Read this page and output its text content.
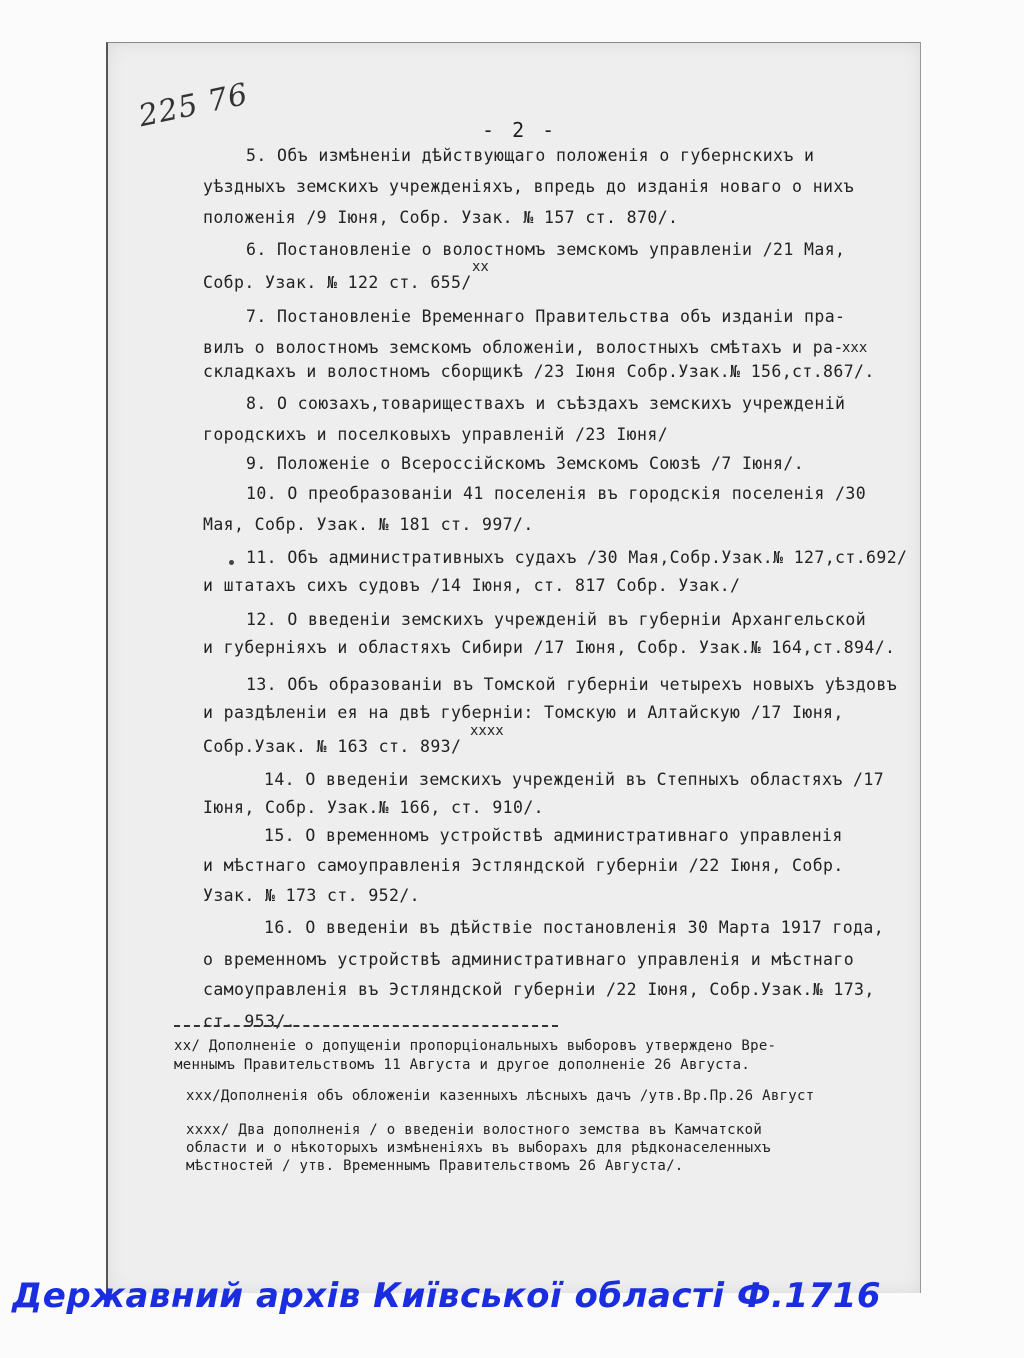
225 76	- 2 -
5. Объ измѣненіи дѣйствующаго положенія о губернскихъ и
уѣздныхъ земскихъ учрежденіяхъ, впредь до изданія новаго о нихъ
положенія /9 Іюня, Собр. Узак. № 157 ст. 870/.
6. Постановленіе о волостномъ земскомъ управленіи /21 Мая,
xx
Собр. Узак. № 122 ст. 655/
7. Постановленіе Временнаго Правительства объ изданіи пра-
вилъ о волостномъ земскомъ обложеніи, волостныхъ смѣтахъ и ра-
xxx
складкахъ и волостномъ сборщикѣ /23 Іюня Собр.Узак.№ 156,ст.867/.
8. О союзахъ,товариществахъ и съѣздахъ земскихъ учрежденій
городскихъ и поселковыхъ управленій /23 Іюня/
9. Положеніе о Всероссійскомъ Земскомъ Союзѣ /7 Іюня/.
10. О преобразованіи 41 поселенія въ городскія поселенія /30
Мая, Собр. Узак. № 181 ст. 997/.
11. Объ административныхъ судахъ /30 Мая,Собр.Узак.№ 127,ст.692/
и штатахъ сихъ судовъ /14 Іюня, ст. 817 Собр. Узак./
12. О введеніи земскихъ учрежденій въ губерніи Архангельской
и губерніяхъ и областяхъ Сибири /17 Іюня, Собр. Узак.№ 164,ст.894/.
13. Объ образованіи въ Томской губерніи четырехъ новыхъ уѣздовъ
и раздѣленіи ея на двѣ губерніи: Томскую и Алтайскую /17 Іюня,
xxxx
Собр.Узак. № 163 ст. 893/
14. О введеніи земскихъ учрежденій въ Степныхъ областяхъ /17
Іюня, Собр. Узак.№ 166, ст. 910/.
15. О временномъ устройствѣ административнаго управленія
и мѣстнаго самоуправленія Эстляндской губерніи /22 Іюня, Собр.
Узак. № 173 ст. 952/.
16. О введеніи въ дѣйствіе постановленія 30 Марта 1917 года,
о временномъ устройствѣ административнаго управленія и мѣстнаго
самоуправленія въ Эстляндской губерніи /22 Іюня, Собр.Узак.№ 173,
ст. 953/.
xx/ Дополненіе о допущеніи пропорціональныхъ выборовъ утверждено Вре-
меннымъ Правительствомъ 11 Августа и другое дополненіе 26 Августа.
xxx/Дополненія объ обложеніи казенныхъ лѣсныхъ дачъ /утв.Вр.Пр.26 Август
xxxx/ Два дополненія / о введеніи волостного земства въ Камчатской
области и о нѣкоторыхъ измѣненіяхъ въ выборахъ для рѣдконаселенныхъ
мѣстностей / утв. Временнымъ Правительствомъ 26 Августа/.
Державний архів Київської області Ф.1716
